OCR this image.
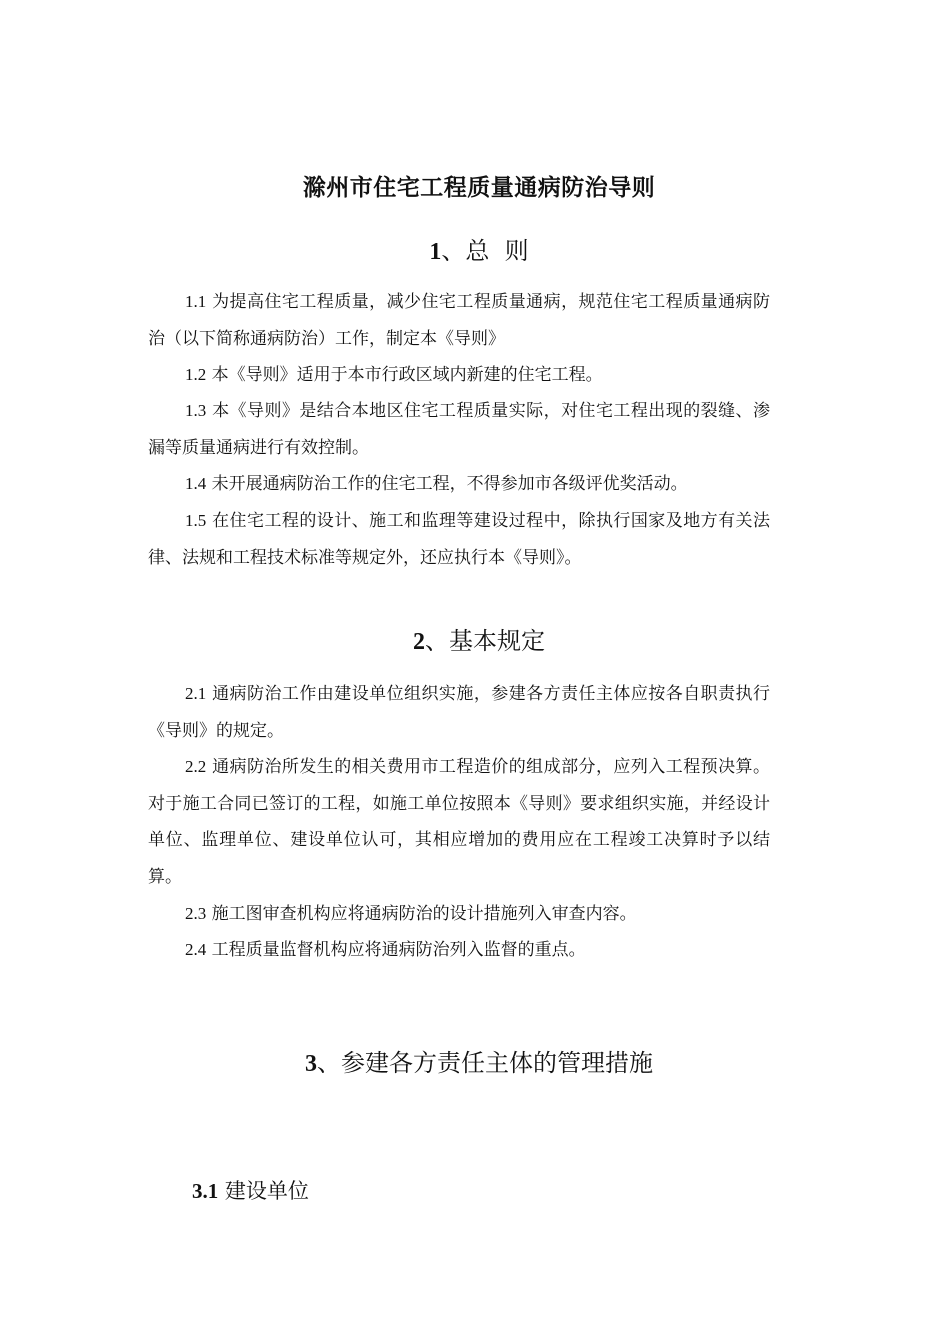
滁州市住宅工程质量通病防治导则
1、总  则

1.1 为提高住宅工程质量，减少住宅工程质量通病，规范住宅工程质量通病防治（以下简称通病防治）工作，制定本《导则》

1.2 本《导则》适用于本市行政区域内新建的住宅工程。

1.3 本《导则》是结合本地区住宅工程质量实际，对住宅工程出现的裂缝、渗漏等质量通病进行有效控制。

1.4 未开展通病防治工作的住宅工程，不得参加市各级评优奖活动。

1.5 在住宅工程的设计、施工和监理等建设过程中，除执行国家及地方有关法律、法规和工程技术标准等规定外，还应执行本《导则》。

2、基本规定

2.1 通病防治工作由建设单位组织实施，参建各方责任主体应按各自职责执行《导则》的规定。

2.2 通病防治所发生的相关费用市工程造价的组成部分，应列入工程预决算。对于施工合同已签订的工程，如施工单位按照本《导则》要求组织实施，并经设计单位、监理单位、建设单位认可，其相应增加的费用应在工程竣工决算时予以结算。

2.3 施工图审查机构应将通病防治的设计措施列入审查内容。

2.4 工程质量监督机构应将通病防治列入监督的重点。

3、参建各方责任主体的管理措施
3.1 建设单位
